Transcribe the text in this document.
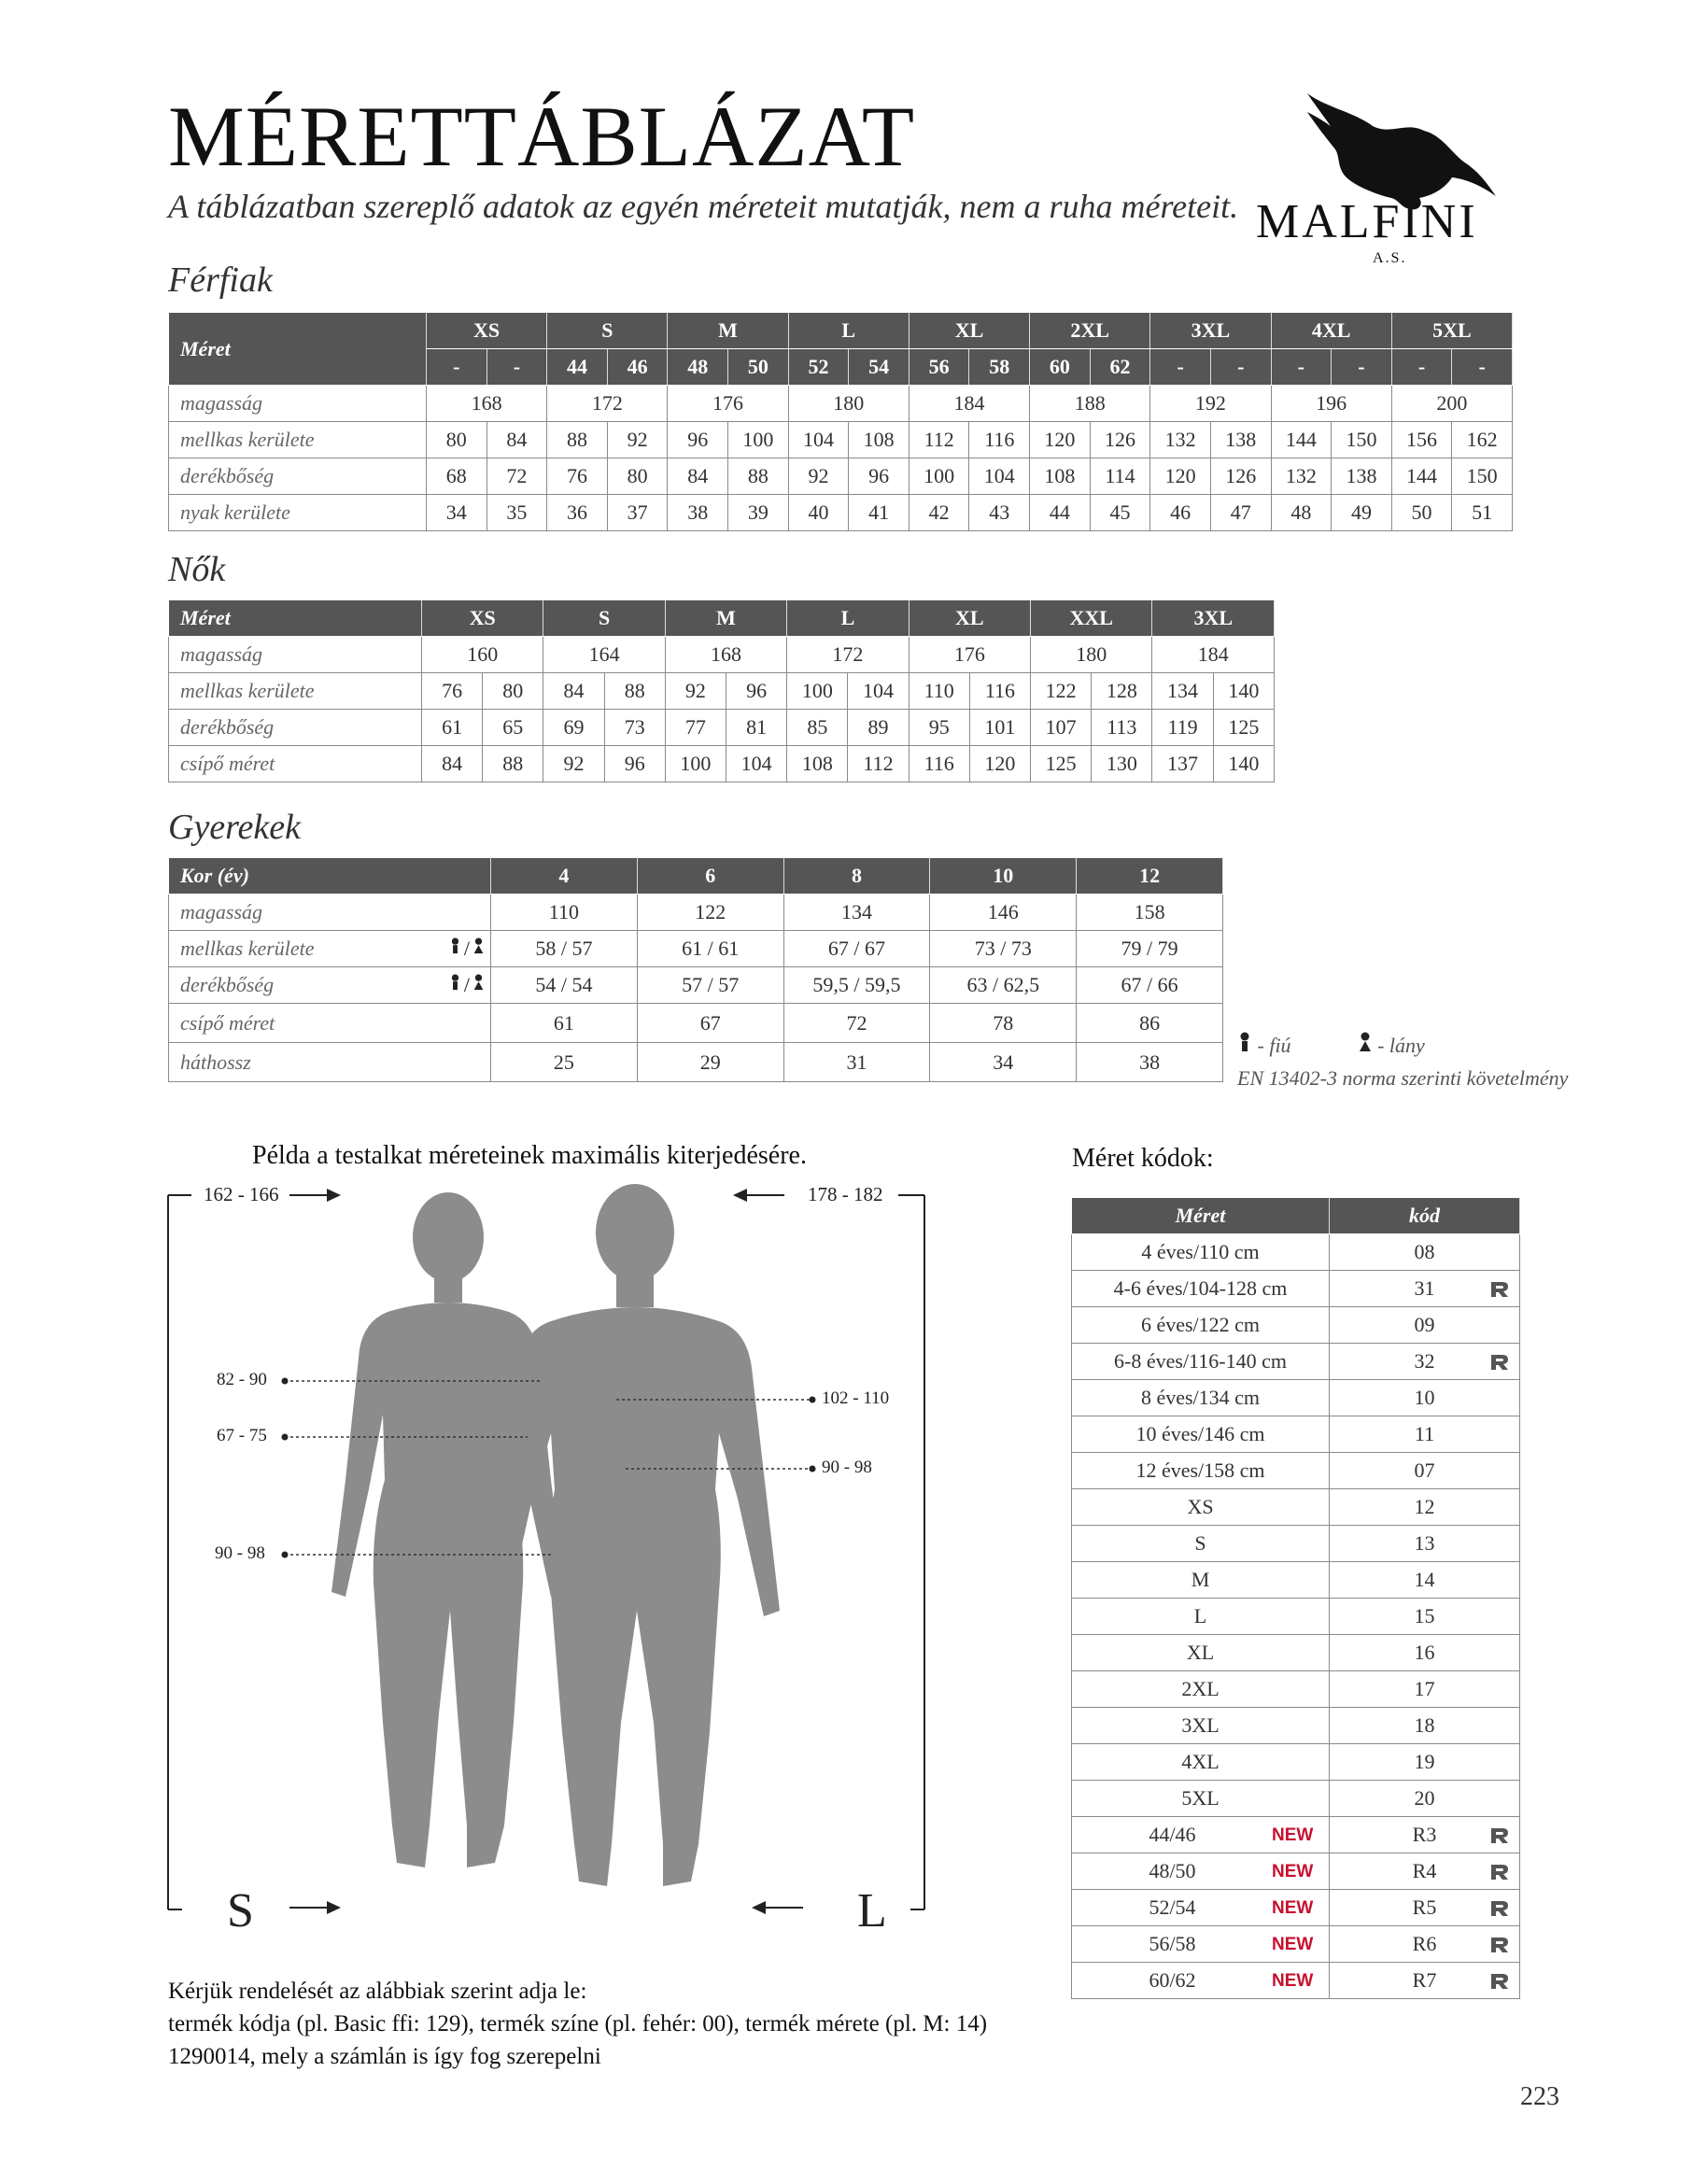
MÉRETTÁBLÁZAT
A táblázatban szereplő adatok az egyén méreteit mutatják, nem a ruha méreteit. MALFINI
A.S.
Férfiak
Méret	XS		S		M		L		XL		2XL		3XL		4XL		5XL	
	-	-	44	46	48	50	52	54	56	58	60	62	-	-	-	-	-	-
magasság	168		172		176		180		184		188		192		196		200	
mellkas kerülete	80	84	88	92	96	100	104	108	112	116	120	126	132	138	144	150	156	162
derékbőség	68	72	76	80	84	88	92	96	100	104	108	114	120	126	132	138	144	150
nyak kerülete	34	35	36	37	38	39	40	41	42	43	44	45	46	47	48	49	50	51
Nők
Méret	XS		S		M		L		XL		XXL		3XL	
magasság	160		164		168		172		176		180		184	
mellkas kerülete	76	80	84	88	92	96	100	104	110	116	122	128	134	140
derékbőség	61	65	69	73	77	81	85	89	95	101	107	113	119	125
csípő méret	84	88	92	96	100	104	108	112	116	120	125	130	137	140
Gyerekek
Kor (év)	4	6	8	10	12
magasság	110	122	134	146	158
mellkas kerülete /	58 / 57	61 / 61	67 / 67	73 / 73	79 / 79
derékbőség /	54 / 54	57 / 57	59,5 / 59,5	63 / 62,5	67 / 66
csípő méret	61	67	72	78	86
háthossz	25	29	31	34	38
- fiú	- lány
EN 13402-3 norma szerinti követelmény
Példa a testalkat méreteinek maximális kiterjedésére.
162 - 166	178 - 182
82 - 90
67 - 75
90 - 98
102 - 110
90 - 98
S	L
Méret kódok:
Méret	kód
4 éves/110 cm	08
4-6 éves/104-128 cm	31

6 éves/122 cm	09
6-8 éves/116-140 cm	32

8 éves/134 cm	10
10 éves/146 cm	11
12 éves/158 cm	07
XS	12
S	13
M	14
L	15
XL	16
2XL	17
3XL	18
4XL	19
5XL	20
44/46 NEW	R3

48/50 NEW	R4

52/54 NEW	R5

56/58 NEW	R6

60/62 NEW	R7
Kérjük rendelését az alábbiak szerint adja le:
termék kódja (pl. Basic ffi: 129), termék színe (pl. fehér: 00), termék mérete (pl. M: 14)
1290014, mely a számlán is így fog szerepelni
223
